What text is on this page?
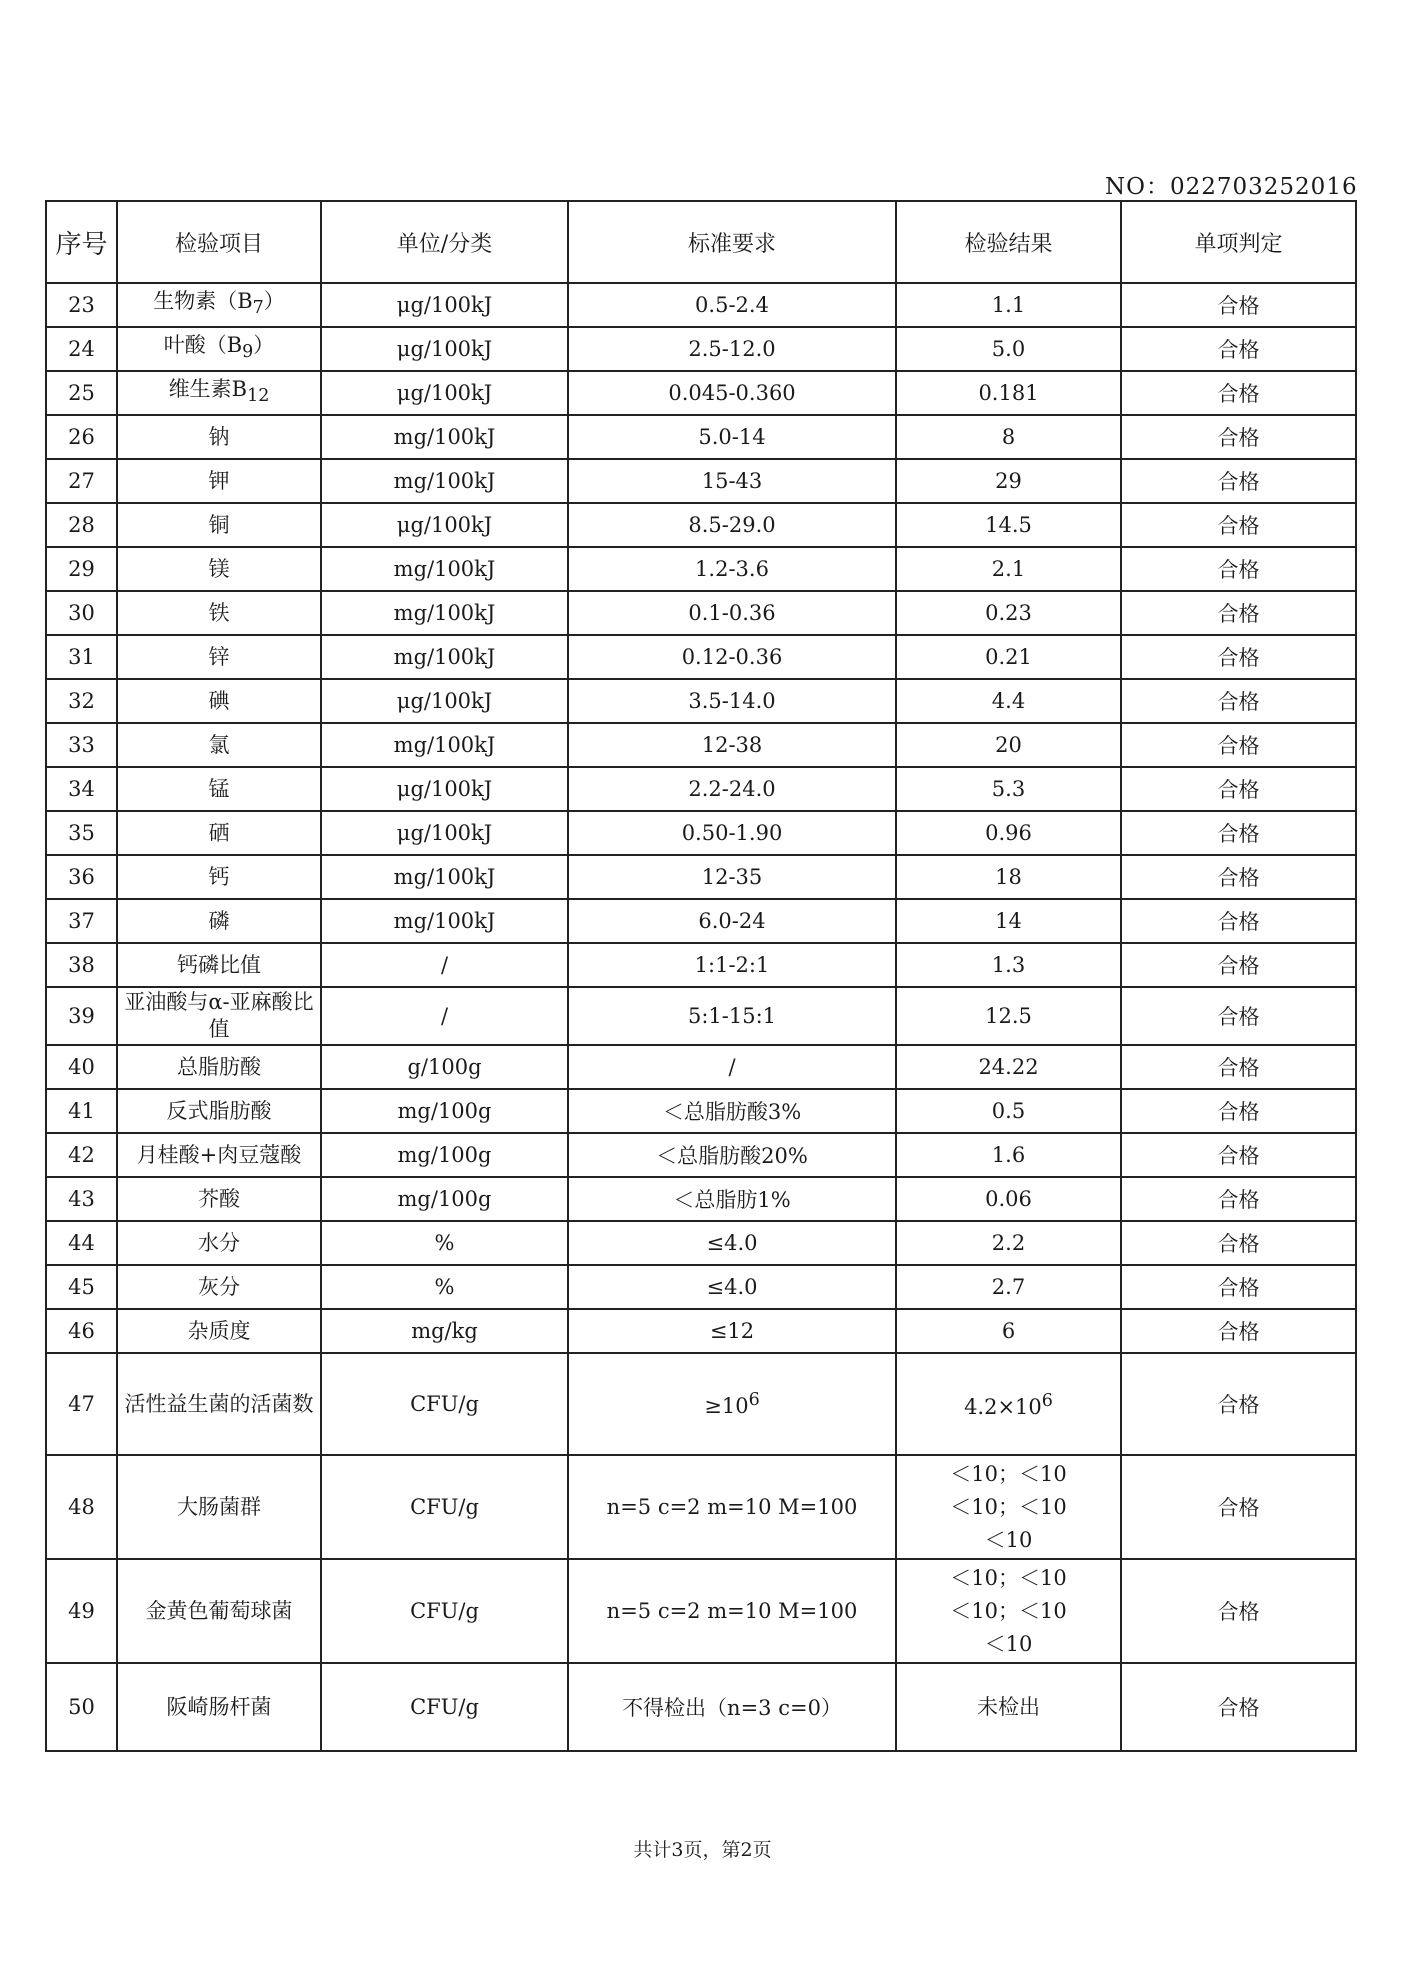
NO：022703252016
序号	检验项目	单位/分类	标准要求	检验结果	单项判定
23	生物素$(B_7)$	μg/100kJ	0.5-2.4	1.1	合格
24	叶酸$(B_9)$	μg/100kJ	2.5-12.0	5.0	合格
25	维生素$B_{12}$	μg/100kJ	0.045-0.360	0.181	合格
26	钠	mg/100kJ	5.0-14	8	合格
27	钾	mg/100kJ	15-43	29	合格
28	铜	μg/100kJ	8.5-29.0	14.5	合格
29	镁	mg/100kJ	1.2-3.6	2.1	合格
30	铁	mg/100kJ	0.1-0.36	0.23	合格
31	锌	mg/100kJ	0.12-0.36	0.21	合格
32	碘	μg/100kJ	3.5-14.0	4.4	合格
33	氯	mg/100kJ	12-38	20	合格
34	锰	μg/100kJ	2.2-24.0	5.3	合格
35	硒	μg/100kJ	0.50-1.90	0.96	合格
36	钙	mg/100kJ	12-35	18	合格
37	磷	mg/100kJ	6.0-24	14	合格
38	钙磷比值	/	1:1-2:1	1.3	合格
39	亚油酸与α-亚麻酸比值	/	5:1-15:1	12.5	合格
40	总脂肪酸	g/100g	/	24.22	合格
41	反式脂肪酸	mg/100g	＜总脂肪酸3%	0.5	合格
42	月桂酸+肉豆蔻酸	mg/100g	＜总脂肪酸20%	1.6	合格
43	芥酸	mg/100g	＜总脂肪1%	0.06	合格
44	水分	%	≤4.0	2.2	合格
45	灰分	%	≤4.0	2.7	合格
46	杂质度	mg/kg	≤12	6	合格
47	活性益生菌的活菌数	CFU/g	$\ge 10^6$	$4.2\times 10^6$	合格
48	大肠菌群	CFU/g	n=5 c=2 m=10 M=100	＜10；＜10
＜10；＜10
＜10	合格
49	金黄色葡萄球菌	CFU/g	n=5 c=2 m=10 M=100	＜10；＜10
＜10；＜10
＜10	合格
50	阪崎肠杆菌	CFU/g	不得检出（n=3 c=0）	未检出	合格
共计3页，第2页
